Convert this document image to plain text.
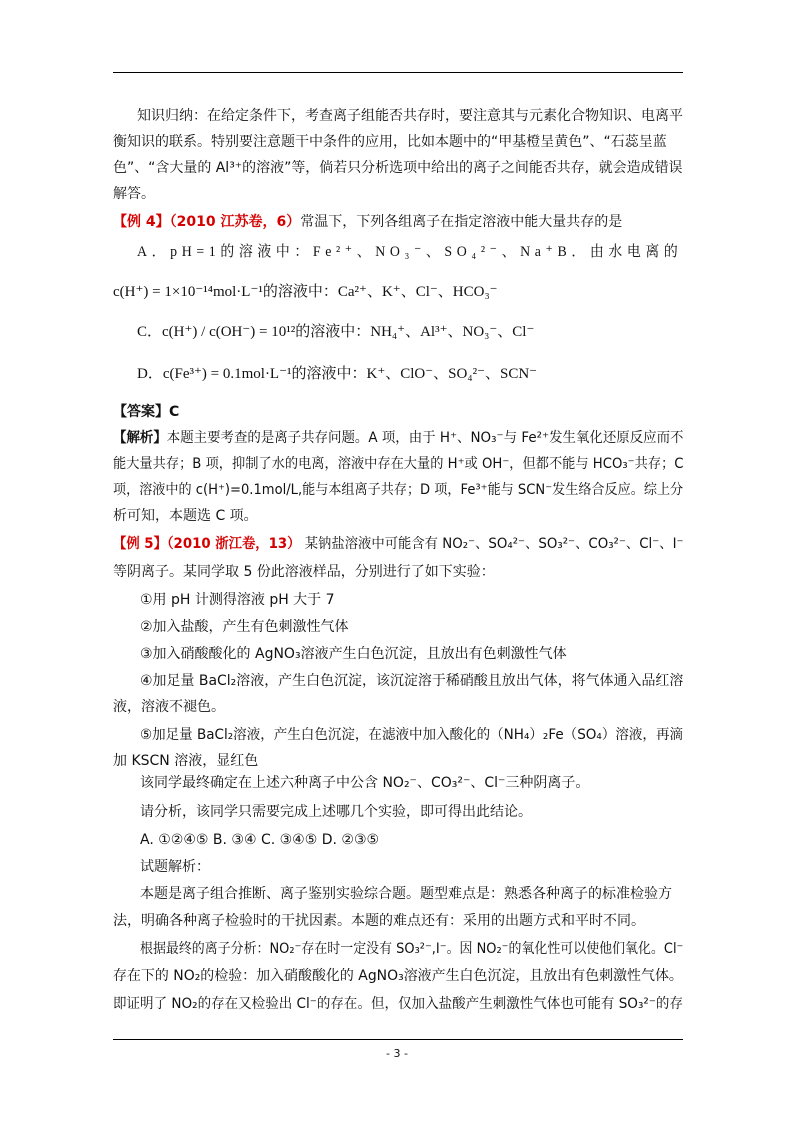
知识归纳：在给定条件下，考查离子组能否共存时，要注意其与元素化合物知识、电离平
衡知识的联系。特别要注意题干中条件的应用，比如本题中的“甲基橙呈黄色”、“石蕊呈蓝
色”、“含大量的 Al³⁺的溶液”等，倘若只分析选项中给出的离子之间能否共存，就会造成错误
解答。
【例 4】（2010 江苏卷，6）常温下，下列各组离子在指定溶液中能大量共存的是
A．pH=1的溶液中：Fe²⁺、NO₃⁻、SO₄²⁻、Na⁺B．由水电离的
c(H⁺) = 1×10⁻¹⁴mol·L⁻¹的溶液中：Ca²⁺、K⁺、Cl⁻、HCO₃⁻
C．c(H⁺) / c(OH⁻) = 10¹²的溶液中：NH₄⁺、Al³⁺、NO₃⁻、Cl⁻
D．c(Fe³⁺) = 0.1mol·L⁻¹的溶液中：K⁺、ClO⁻、SO₄²⁻、SCN⁻
【答案】C
【解析】本题主要考查的是离子共存问题。A 项，由于 H⁺、NO₃⁻与 Fe²⁺发生氧化还原反应而不
能大量共存；B 项，抑制了水的电离，溶液中存在大量的 H⁺或 OH⁻，但都不能与 HCO₃⁻共存；C
项，溶液中的 c(H⁺)=0.1mol/L,能与本组离子共存；D 项，Fe³⁺能与 SCN⁻发生络合反应。综上分
析可知，本题选 C 项。
【例 5】（2010 浙江卷，13） 某钠盐溶液中可能含有 NO₂⁻、SO₄²⁻、SO₃²⁻、CO₃²⁻、Cl⁻、I⁻
等阴离子。某同学取 5 份此溶液样品，分别进行了如下实验：
①用 pH 计测得溶液 pH 大于 7
②加入盐酸，产生有色刺激性气体
③加入硝酸酸化的 AgNO₃溶液产生白色沉淀，且放出有色刺激性气体
④加足量 BaCl₂溶液，产生白色沉淀，该沉淀溶于稀硝酸且放出气体，将气体通入品红溶
液，溶液不褪色。
⑤加足量 BaCl₂溶液，产生白色沉淀，在滤液中加入酸化的（NH₄）₂Fe（SO₄）溶液，再滴
加 KSCN 溶液，显红色
该同学最终确定在上述六种离子中公含 NO₂⁻、CO₃²⁻、Cl⁻三种阴离子。
请分析，该同学只需要完成上述哪几个实验，即可得出此结论。
A. ①②④⑤ B. ③④ C. ③④⑤ D. ②③⑤
试题解析：
本题是离子组合推断、离子鉴别实验综合题。题型难点是：熟悉各种离子的标准检验方
法，明确各种离子检验时的干扰因素。本题的难点还有：采用的出题方式和平时不同。
根据最终的离子分析：NO₂⁻存在时一定没有 SO₃²⁻,I⁻。因 NO₂⁻的氧化性可以使他们氧化。Cl⁻
存在下的 NO₂的检验：加入硝酸酸化的 AgNO₃溶液产生白色沉淀，且放出有色刺激性气体。
即证明了 NO₂的存在又检验出 Cl⁻的存在。但，仅加入盐酸产生刺激性气体也可能有 SO₃²⁻的存
- 3 -
